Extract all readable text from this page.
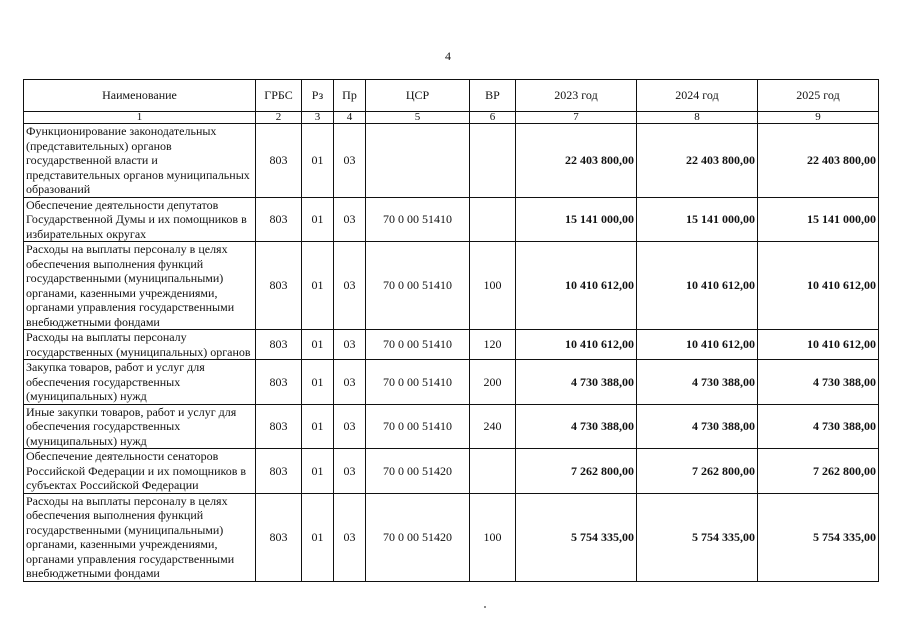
4
Наименование	ГРБС	Рз	Пр	ЦСР	ВР	2023 год	2024 год	2025 год
1	2	3	4	5	6	7	8	9
Функционирование законодательных (представительных) органов государственной власти и представительных органов муниципальных образований	803	01	03			22 403 800,00	22 403 800,00	22 403 800,00
Обеспечение деятельности депутатов Государственной Думы и их помощников в избирательных округах	803	01	03	70 0 00 51410		15 141 000,00	15 141 000,00	15 141 000,00
Расходы на выплаты персоналу в целях обеспечения выполнения функций государственными (муниципальными) органами, казенными учреждениями, органами управления государственными внебюджетными фондами	803	01	03	70 0 00 51410	100	10 410 612,00	10 410 612,00	10 410 612,00
Расходы на выплаты персоналу государственных (муниципальных) органов	803	01	03	70 0 00 51410	120	10 410 612,00	10 410 612,00	10 410 612,00
Закупка товаров, работ и услуг для обеспечения государственных (муниципальных) нужд	803	01	03	70 0 00 51410	200	4 730 388,00	4 730 388,00	4 730 388,00
Иные закупки товаров, работ и услуг для обеспечения государственных (муниципальных) нужд	803	01	03	70 0 00 51410	240	4 730 388,00	4 730 388,00	4 730 388,00
Обеспечение деятельности сенаторов Российской Федерации и их помощников в субъектах Российской Федерации	803	01	03	70 0 00 51420		7 262 800,00	7 262 800,00	7 262 800,00
Расходы на выплаты персоналу в целях обеспечения выполнения функций государственными (муниципальными) органами, казенными учреждениями, органами управления государственными внебюджетными фондами	803	01	03	70 0 00 51420	100	5 754 335,00	5 754 335,00	5 754 335,00
